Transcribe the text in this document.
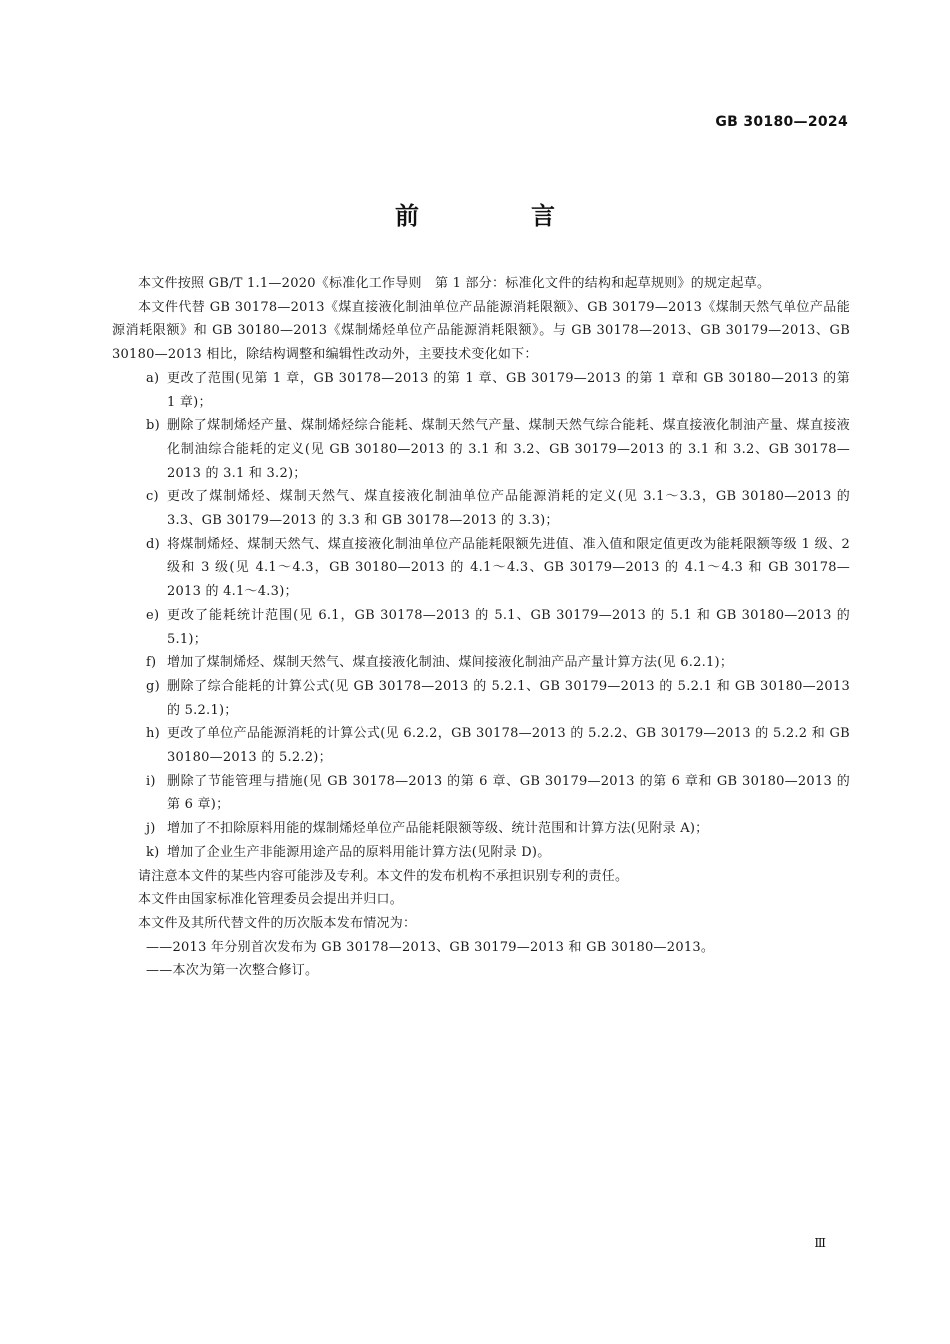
GB 30180—2024
前　言

本文件按照 GB/T 1.1—2020《标准化工作导则　第 1 部分：标准化文件的结构和起草规则》的规定起草。

本文件代替 GB 30178—2013《煤直接液化制油单位产品能源消耗限额》、GB 30179—2013《煤制天然气单位产品能源消耗限额》和 GB 30180—2013《煤制烯烃单位产品能源消耗限额》。与 GB 30178—2013、GB 30179—2013、GB 30180—2013 相比，除结构调整和编辑性改动外，主要技术变化如下：

a) 更改了范围(见第 1 章，GB 30178—2013 的第 1 章、GB 30179—2013 的第 1 章和 GB 30180—2013 的第 1 章)；

b) 删除了煤制烯烃产量、煤制烯烃综合能耗、煤制天然气产量、煤制天然气综合能耗、煤直接液化制油产量、煤直接液化制油综合能耗的定义(见 GB 30180—2013 的 3.1 和 3.2、GB 30179—2013 的 3.1 和 3.2、GB 30178—2013 的 3.1 和 3.2)；

c) 更改了煤制烯烃、煤制天然气、煤直接液化制油单位产品能源消耗的定义(见 3.1～3.3，GB 30180—2013 的 3.3、GB 30179—2013 的 3.3 和 GB 30178—2013 的 3.3)；

d) 将煤制烯烃、煤制天然气、煤直接液化制油单位产品能耗限额先进值、准入值和限定值更改为能耗限额等级 1 级、2 级和 3 级(见 4.1～4.3，GB 30180—2013 的 4.1～4.3、GB 30179—2013 的 4.1～4.3 和 GB 30178—2013 的 4.1～4.3)；

e) 更改了能耗统计范围(见 6.1，GB 30178—2013 的 5.1、GB 30179—2013 的 5.1 和 GB 30180—2013 的 5.1)；

f) 增加了煤制烯烃、煤制天然气、煤直接液化制油、煤间接液化制油产品产量计算方法(见 6.2.1)；

g) 删除了综合能耗的计算公式(见 GB 30178—2013 的 5.2.1、GB 30179—2013 的 5.2.1 和 GB 30180—2013 的 5.2.1)；

h) 更改了单位产品能源消耗的计算公式(见 6.2.2，GB 30178—2013 的 5.2.2、GB 30179—2013 的 5.2.2 和 GB 30180—2013 的 5.2.2)；

i) 删除了节能管理与措施(见 GB 30178—2013 的第 6 章、GB 30179—2013 的第 6 章和 GB 30180—2013 的第 6 章)；

j) 增加了不扣除原料用能的煤制烯烃单位产品能耗限额等级、统计范围和计算方法(见附录 A)；

k) 增加了企业生产非能源用途产品的原料用能计算方法(见附录 D)。

请注意本文件的某些内容可能涉及专利。本文件的发布机构不承担识别专利的责任。

本文件由国家标准化管理委员会提出并归口。

本文件及其所代替文件的历次版本发布情况为：

——2013 年分别首次发布为 GB 30178—2013、GB 30179—2013 和 GB 30180—2013。

——本次为第一次整合修订。

Ⅲ
